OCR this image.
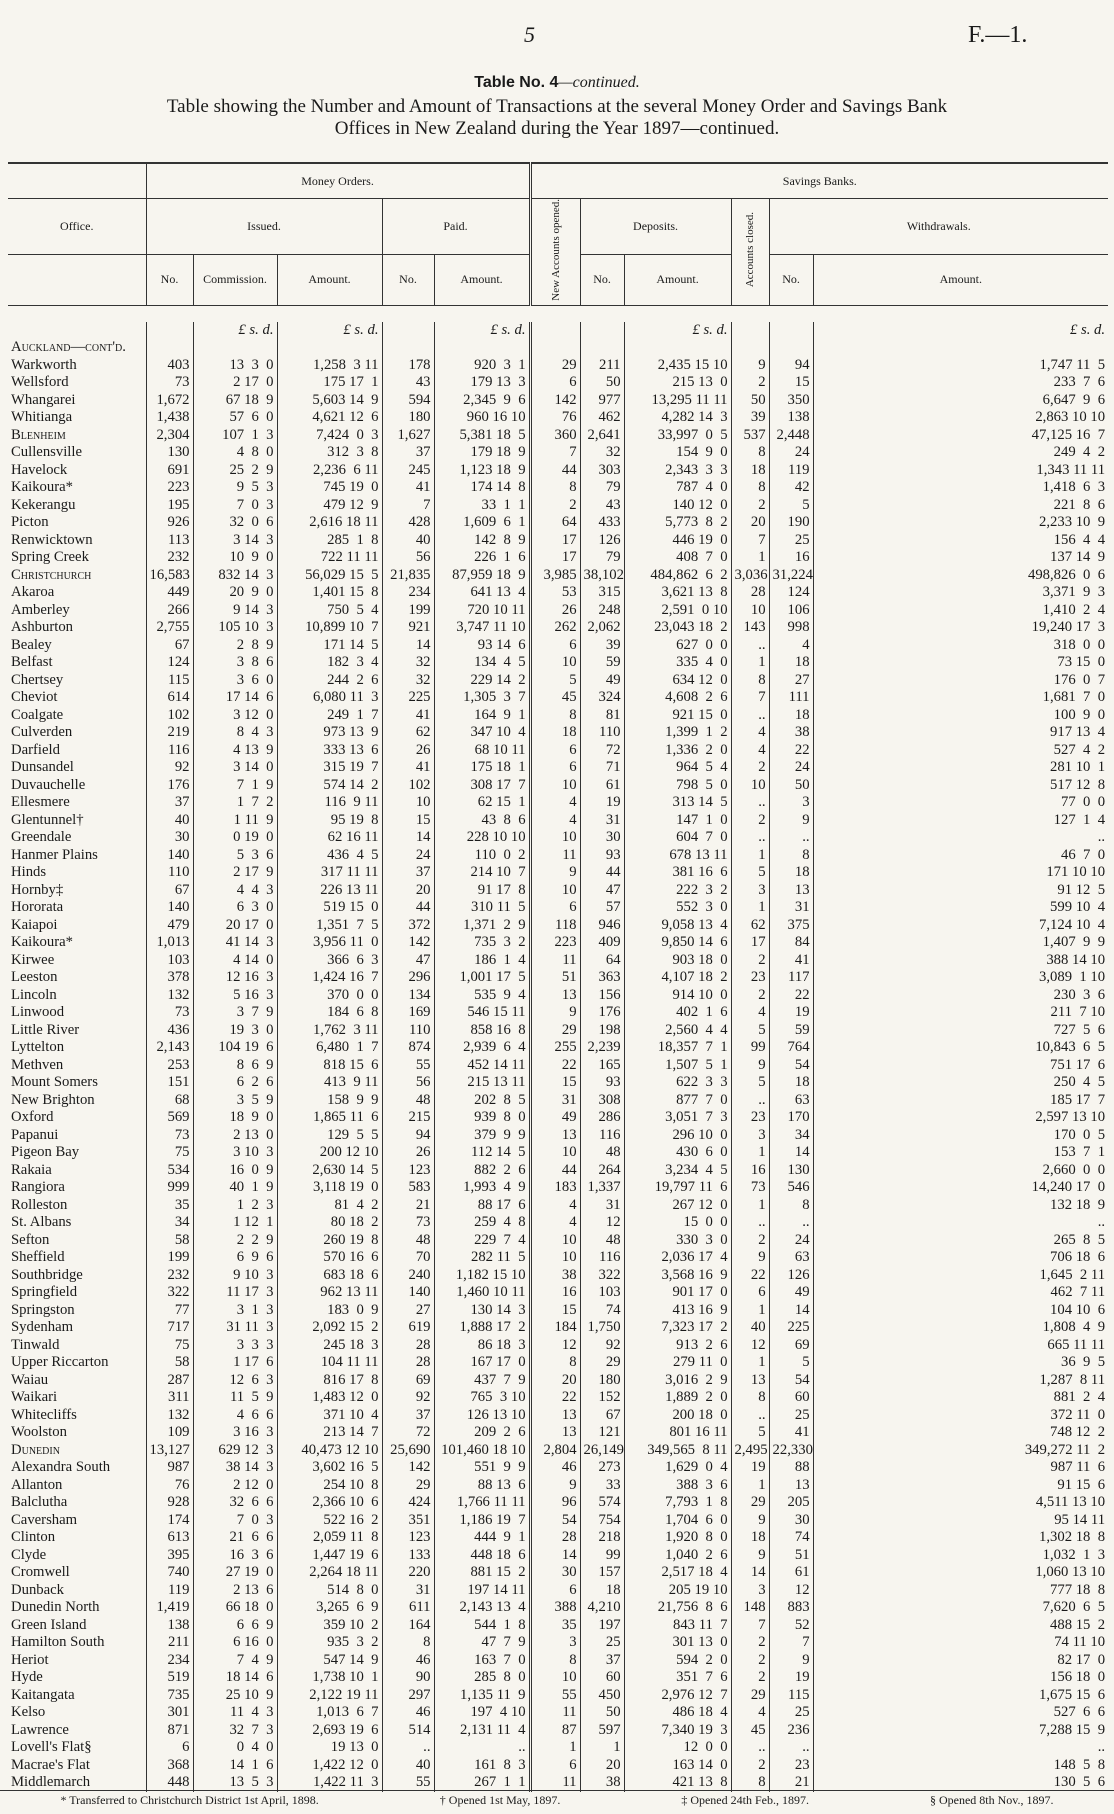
5	F.—1.
Table No. 4—continued.
Table showing the Number and Amount of Transactions at the several Money Order and Savings Bank
Offices in New Zealand during the Year 1897—continued.
	Money Orders.					Savings Banks.					
Office.	Issued.			Paid.		New Accounts opened.	Deposits.		Accounts closed.	Withdrawals.	
	No.	Commission.	Amount.	No.	Amount.		No.	Amount.		No.	Amount.

		£ s. d.	£ s. d.		£ s. d.			£ s. d.			£ s. d.
Auckland—cont'd.											
Warkworth	403	13  3  0	1,258  3 11	178	920  3  1	29	211	2,435 15 10	9	94	1,747 11  5
Wellsford	73	2 17  0	175 17  1	43	179 13  3	6	50	215 13  0	2	15	233  7  6
Whangarei	1,672	67 18  9	5,603 14  9	594	2,345  9  6	142	977	13,295 11 11	50	350	6,647  9  6
Whitianga	1,438	57  6  0	4,621 12  6	180	960 16 10	76	462	4,282 14  3	39	138	2,863 10 10
Blenheim	2,304	107  1  3	7,424  0  3	1,627	5,381 18  5	360	2,641	33,997  0  5	537	2,448	47,125 16  7
Cullensville	130	4  8  0	312  3  8	37	179 18  9	7	32	154  9  0	8	24	249  4  2
Havelock	691	25  2  9	2,236  6 11	245	1,123 18  9	44	303	2,343  3  3	18	119	1,343 11 11
Kaikoura*	223	9  5  3	745 19  0	41	174 14  8	8	79	787  4  0	8	42	1,418  6  3
Kekerangu	195	7  0  3	479 12  9	7	33  1  1	2	43	140 12  0	2	5	221  8  6
Picton	926	32  0  6	2,616 18 11	428	1,609  6  1	64	433	5,773  8  2	20	190	2,233 10  9
Renwicktown	113	3 14  3	285  1  8	40	142  8  9	17	126	446 19  0	7	25	156  4  4
Spring Creek	232	10  9  0	722 11 11	56	226  1  6	17	79	408  7  0	1	16	137 14  9
Christchurch	16,583	832 14  3	56,029 15  5	21,835	87,959 18  9	3,985	38,102	484,862  6  2	3,036	31,224	498,826  0  6
Akaroa	449	20  9  0	1,401 15  8	234	641 13  4	53	315	3,621 13  8	28	124	3,371  9  3
Amberley	266	9 14  3	750  5  4	199	720 10 11	26	248	2,591  0 10	10	106	1,410  2  4
Ashburton	2,755	105 10  3	10,899 10  7	921	3,747 11 10	262	2,062	23,043 18  2	143	998	19,240 17  3
Bealey	67	2  8  9	171 14  5	14	93 14  6	6	39	627  0  0	..	4	318  0  0
Belfast	124	3  8  6	182  3  4	32	134  4  5	10	59	335  4  0	1	18	73 15  0
Chertsey	115	3  6  0	244  2  6	32	229 14  2	5	49	634 12  0	8	27	176  0  7
Cheviot	614	17 14  6	6,080 11  3	225	1,305  3  7	45	324	4,608  2  6	7	111	1,681  7  0
Coalgate	102	3 12  0	249  1  7	41	164  9  1	8	81	921 15  0	..	18	100  9  0
Culverden	219	8  4  3	973 13  9	62	347 10  4	18	110	1,399  1  2	4	38	917 13  4
Darfield	116	4 13  9	333 13  6	26	68 10 11	6	72	1,336  2  0	4	22	527  4  2
Dunsandel	92	3 14  0	315 19  7	41	175 18  1	6	71	964  5  4	2	24	281 10  1
Duvauchelle	176	7  1  9	574 14  2	102	308 17  7	10	61	798  5  0	10	50	517 12  8
Ellesmere	37	1  7  2	116  9 11	10	62 15  1	4	19	313 14  5	..	3	77  0  0
Glentunnel†	40	1 11  9	95 19  8	15	43  8  6	4	31	147  1  0	2	9	127  1  4
Greendale	30	0 19  0	62 16 11	14	228 10 10	10	30	604  7  0	..	..	..
Hanmer Plains	140	5  3  6	436  4  5	24	110  0  2	11	93	678 13 11	1	8	46  7  0
Hinds	110	2 17  9	317 11 11	37	214 10  7	9	44	381 16  6	5	18	171 10 10
Hornby‡	67	4  4  3	226 13 11	20	91 17  8	10	47	222  3  2	3	13	91 12  5
Hororata	140	6  3  0	519 15  0	44	310 11  5	6	57	552  3  0	1	31	599 10  4
Kaiapoi	479	20 17  0	1,351  7  5	372	1,371  2  9	118	946	9,058 13  4	62	375	7,124 10  4
Kaikoura*	1,013	41 14  3	3,956 11  0	142	735  3  2	223	409	9,850 14  6	17	84	1,407  9  9
Kirwee	103	4 14  0	366  6  3	47	186  1  4	11	64	903 18  0	2	41	388 14 10
Leeston	378	12 16  3	1,424 16  7	296	1,001 17  5	51	363	4,107 18  2	23	117	3,089  1 10
Lincoln	132	5 16  3	370  0  0	134	535  9  4	13	156	914 10  0	2	22	230  3  6
Linwood	73	3  7  9	184  6  8	169	546 15 11	9	176	402  1  6	4	19	211  7 10
Little River	436	19  3  0	1,762  3 11	110	858 16  8	29	198	2,560  4  4	5	59	727  5  6
Lyttelton	2,143	104 19  6	6,480  1  7	874	2,939  6  4	255	2,239	18,357  7  1	99	764	10,843  6  5
Methven	253	8  6  9	818 15  6	55	452 14 11	22	165	1,507  5  1	9	54	751 17  6
Mount Somers	151	6  2  6	413  9 11	56	215 13 11	15	93	622  3  3	5	18	250  4  5
New Brighton	68	3  5  9	158  9  9	48	202  8  5	31	308	877  7  0	..	63	185 17  7
Oxford	569	18  9  0	1,865 11  6	215	939  8  0	49	286	3,051  7  3	23	170	2,597 13 10
Papanui	73	2 13  0	129  5  5	94	379  9  9	13	116	296 10  0	3	34	170  0  5
Pigeon Bay	75	3 10  3	200 12 10	26	112 14  5	10	48	430  6  0	1	14	153  7  1
Rakaia	534	16  0  9	2,630 14  5	123	882  2  6	44	264	3,234  4  5	16	130	2,660  0  0
Rangiora	999	40  1  9	3,118 19  0	583	1,993  4  9	183	1,337	19,797 11  6	73	546	14,240 17  0
Rolleston	35	1  2  3	81  4  2	21	88 17  6	4	31	267 12  0	1	8	132 18  9
St. Albans	34	1 12  1	80 18  2	73	259  4  8	4	12	15  0  0	..	..	..
Sefton	58	2  2  9	260 19  8	48	229  7  4	10	48	330  3  0	2	24	265  8  5
Sheffield	199	6  9  6	570 16  6	70	282 11  5	10	116	2,036 17  4	9	63	706 18  6
Southbridge	232	9 10  3	683 18  6	240	1,182 15 10	38	322	3,568 16  9	22	126	1,645  2 11
Springfield	322	11 17  3	962 13 11	140	1,460 10 11	16	103	901 17  0	6	49	462  7 11
Springston	77	3  1  3	183  0  9	27	130 14  3	15	74	413 16  9	1	14	104 10  6
Sydenham	717	31 11  3	2,092 15  2	619	1,888 17  2	184	1,750	7,323 17  2	40	225	1,808  4  9
Tinwald	75	3  3  3	245 18  3	28	86 18  3	12	92	913  2  6	12	69	665 11 11
Upper Riccarton	58	1 17  6	104 11 11	28	167 17  0	8	29	279 11  0	1	5	36  9  5
Waiau	287	12  6  3	816 17  8	69	437  7  9	20	180	3,016  2  9	13	54	1,287  8 11
Waikari	311	11  5  9	1,483 12  0	92	765  3 10	22	152	1,889  2  0	8	60	881  2  4
Whitecliffs	132	4  6  6	371 10  4	37	126 13 10	13	67	200 18  0	..	25	372 11  0
Woolston	109	3 16  3	213 14  7	72	209  2  6	13	121	801 16 11	5	41	748 12  2
Dunedin	13,127	629 12  3	40,473 12 10	25,690	101,460 18 10	2,804	26,149	349,565  8 11	2,495	22,330	349,272 11  2
Alexandra South	987	38 14  3	3,602 16  5	142	551  9  9	46	273	1,629  0  4	19	88	987 11  6
Allanton	76	2 12  0	254 10  8	29	88 13  6	9	33	388  3  6	1	13	91 15  6
Balclutha	928	32  6  6	2,366 10  6	424	1,766 11 11	96	574	7,793  1  8	29	205	4,511 13 10
Caversham	174	7  0  3	522 16  2	351	1,186 19  7	54	754	1,704  6  0	9	30	95 14 11
Clinton	613	21  6  6	2,059 11  8	123	444  9  1	28	218	1,920  8  0	18	74	1,302 18  8
Clyde	395	16  3  6	1,447 19  6	133	448 18  6	14	99	1,040  2  6	9	51	1,032  1  3
Cromwell	740	27 19  0	2,264 18 11	220	881 15  2	30	157	2,517 18  4	14	61	1,060 13 10
Dunback	119	2 13  6	514  8  0	31	197 14 11	6	18	205 19 10	3	12	777 18  8
Dunedin North	1,419	66 18  0	3,265  6  9	611	2,143 13  4	388	4,210	21,756  8  6	148	883	7,620  6  5
Green Island	138	6  6  9	359 10  2	164	544  1  8	35	197	843 11  7	7	52	488 15  2
Hamilton South	211	6 16  0	935  3  2	8	47  7  9	3	25	301 13  0	2	7	74 11 10
Heriot	234	7  4  9	547 14  9	46	163  7  0	8	37	594  2  0	2	9	82 17  0
Hyde	519	18 14  6	1,738 10  1	90	285  8  0	10	60	351  7  6	2	19	156 18  0
Kaitangata	735	25 10  9	2,122 19 11	297	1,135 11  9	55	450	2,976 12  7	29	115	1,675 15  6
Kelso	301	11  4  3	1,013  6  7	46	197  4 10	11	50	486 18  4	4	25	527  6  6
Lawrence	871	32  7  3	2,693 19  6	514	2,131 11  4	87	597	7,340 19  3	45	236	7,288 15  9
Lovell's Flat§	6	0  4  0	19 13  0	..	..	1	1	12  0  0	..	..	..
Macrae's Flat	368	14  1  6	1,422 12  0	40	161  8  3	6	20	163 14  0	2	23	148  5  8
Middlemarch	448	13  5  3	1,422 11  3	55	267  1  1	11	38	421 13  8	8	21	130  5  6
* Transferred to Christchurch District 1st April, 1898.	† Opened 1st May, 1897.	‡ Opened 24th Feb., 1897.	§ Opened 8th Nov., 1897.
